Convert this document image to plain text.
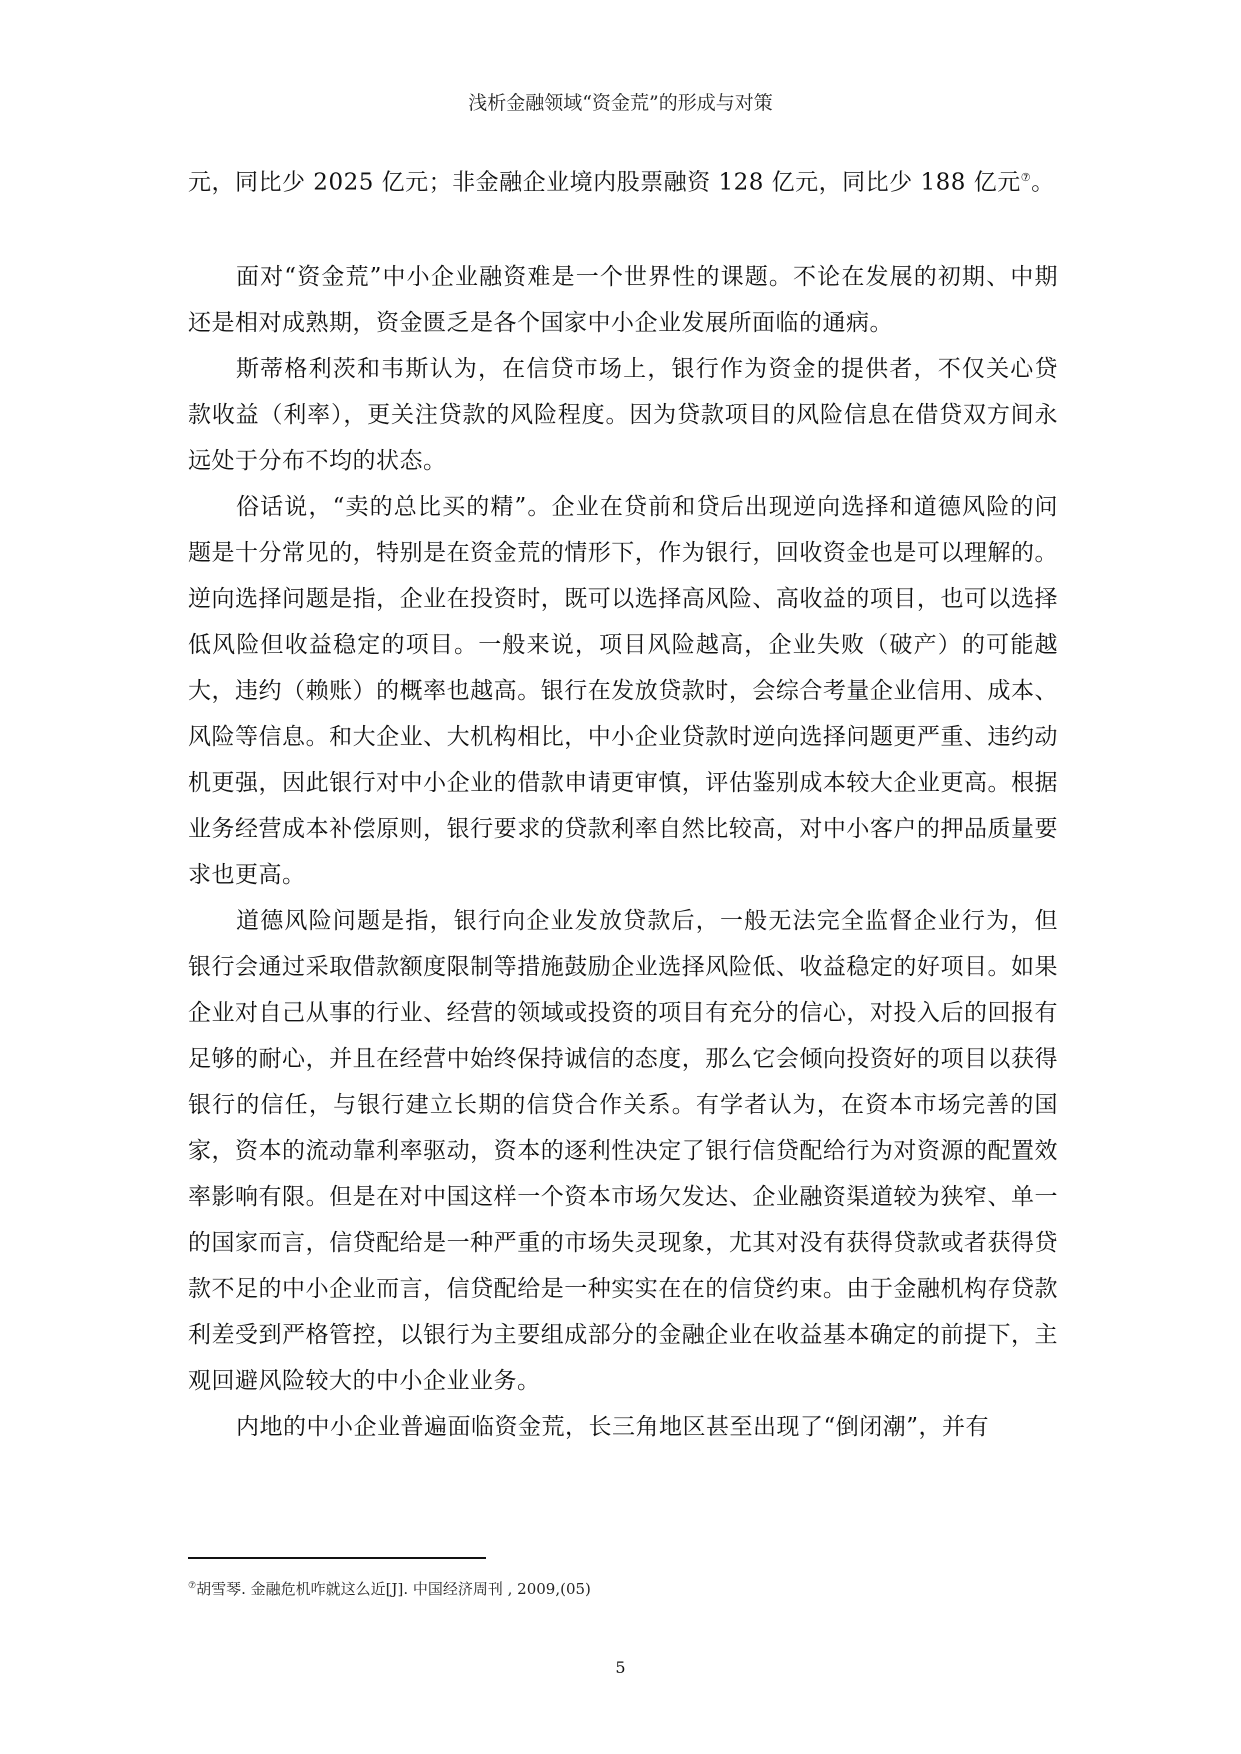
浅析金融领域“资金荒”的形成与对策

元，同比少 2025 亿元；非金融企业境内股票融资 128 亿元，同比少 188 亿元⑦。

面对“资金荒”中小企业融资难是一个世界性的课题。不论在发展的初期、中期还是相对成熟期，资金匮乏是各个国家中小企业发展所面临的通病。

斯蒂格利茨和韦斯认为，在信贷市场上，银行作为资金的提供者，不仅关心贷款收益（利率），更关注贷款的风险程度。因为贷款项目的风险信息在借贷双方间永远处于分布不均的状态。

俗话说，“卖的总比买的精”。企业在贷前和贷后出现逆向选择和道德风险的问题是十分常见的，特别是在资金荒的情形下，作为银行，回收资金也是可以理解的。逆向选择问题是指，企业在投资时，既可以选择高风险、高收益的项目，也可以选择低风险但收益稳定的项目。一般来说，项目风险越高，企业失败（破产）的可能越大，违约（赖账）的概率也越高。银行在发放贷款时，会综合考量企业信用、成本、风险等信息。和大企业、大机构相比，中小企业贷款时逆向选择问题更严重、违约动机更强，因此银行对中小企业的借款申请更审慎，评估鉴别成本较大企业更高。根据业务经营成本补偿原则，银行要求的贷款利率自然比较高，对中小客户的押品质量要求也更高。

道德风险问题是指，银行向企业发放贷款后，一般无法完全监督企业行为，但银行会通过采取借款额度限制等措施鼓励企业选择风险低、收益稳定的好项目。如果企业对自己从事的行业、经营的领域或投资的项目有充分的信心，对投入后的回报有足够的耐心，并且在经营中始终保持诚信的态度，那么它会倾向投资好的项目以获得银行的信任，与银行建立长期的信贷合作关系。有学者认为，在资本市场完善的国家，资本的流动靠利率驱动，资本的逐利性决定了银行信贷配给行为对资源的配置效率影响有限。但是在对中国这样一个资本市场欠发达、企业融资渠道较为狭窄、单一的国家而言，信贷配给是一种严重的市场失灵现象，尤其对没有获得贷款或者获得贷款不足的中小企业而言，信贷配给是一种实实在在的信贷约束。由于金融机构存贷款利差受到严格管控，以银行为主要组成部分的金融企业在收益基本确定的前提下，主观回避风险较大的中小企业业务。

内地的中小企业普遍面临资金荒，长三角地区甚至出现了“倒闭潮”，并有

⑦胡雪琴. 金融危机咋就这么近[J]. 中国经济周刊 , 2009,(05)
5
